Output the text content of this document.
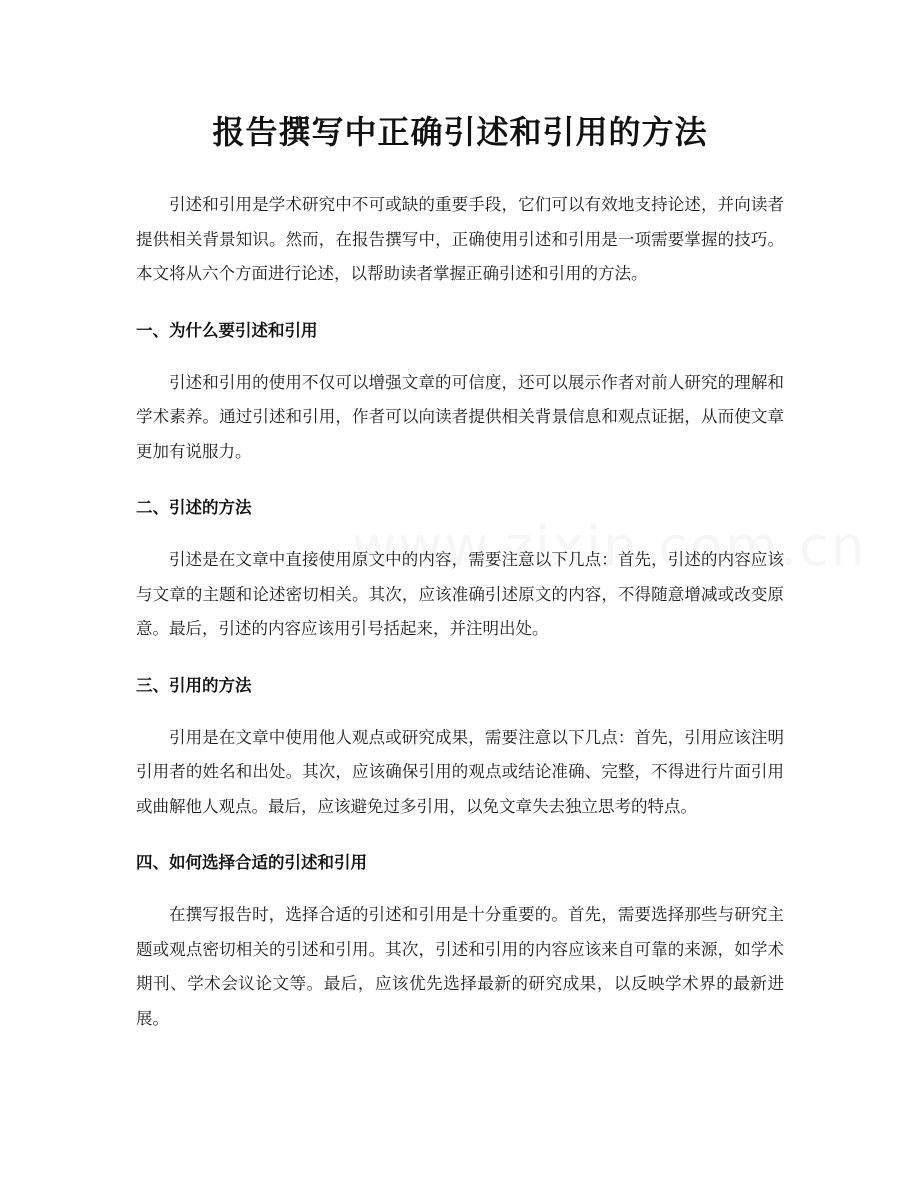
报告撰写中正确引述和引用的方法

引述和引用是学术研究中不可或缺的重要手段，它们可以有效地支持论述，并向读者提供相关背景知识。然而，在报告撰写中，正确使用引述和引用是一项需要掌握的技巧。本文将从六个方面进行论述，以帮助读者掌握正确引述和引用的方法。

一、为什么要引述和引用

引述和引用的使用不仅可以增强文章的可信度，还可以展示作者对前人研究的理解和学术素养。通过引述和引用，作者可以向读者提供相关背景信息和观点证据，从而使文章更加有说服力。

二、引述的方法

引述是在文章中直接使用原文中的内容，需要注意以下几点：首先，引述的内容应该与文章的主题和论述密切相关。其次，应该准确引述原文的内容，不得随意增减或改变原意。最后，引述的内容应该用引号括起来，并注明出处。

三、引用的方法

引用是在文章中使用他人观点或研究成果，需要注意以下几点：首先，引用应该注明引用者的姓名和出处。其次，应该确保引用的观点或结论准确、完整，不得进行片面引用或曲解他人观点。最后，应该避免过多引用，以免文章失去独立思考的特点。

四、如何选择合适的引述和引用

在撰写报告时，选择合适的引述和引用是十分重要的。首先，需要选择那些与研究主题或观点密切相关的引述和引用。其次，引述和引用的内容应该来自可靠的来源，如学术期刊、学术会议论文等。最后，应该优先选择最新的研究成果，以反映学术界的最新进展。
